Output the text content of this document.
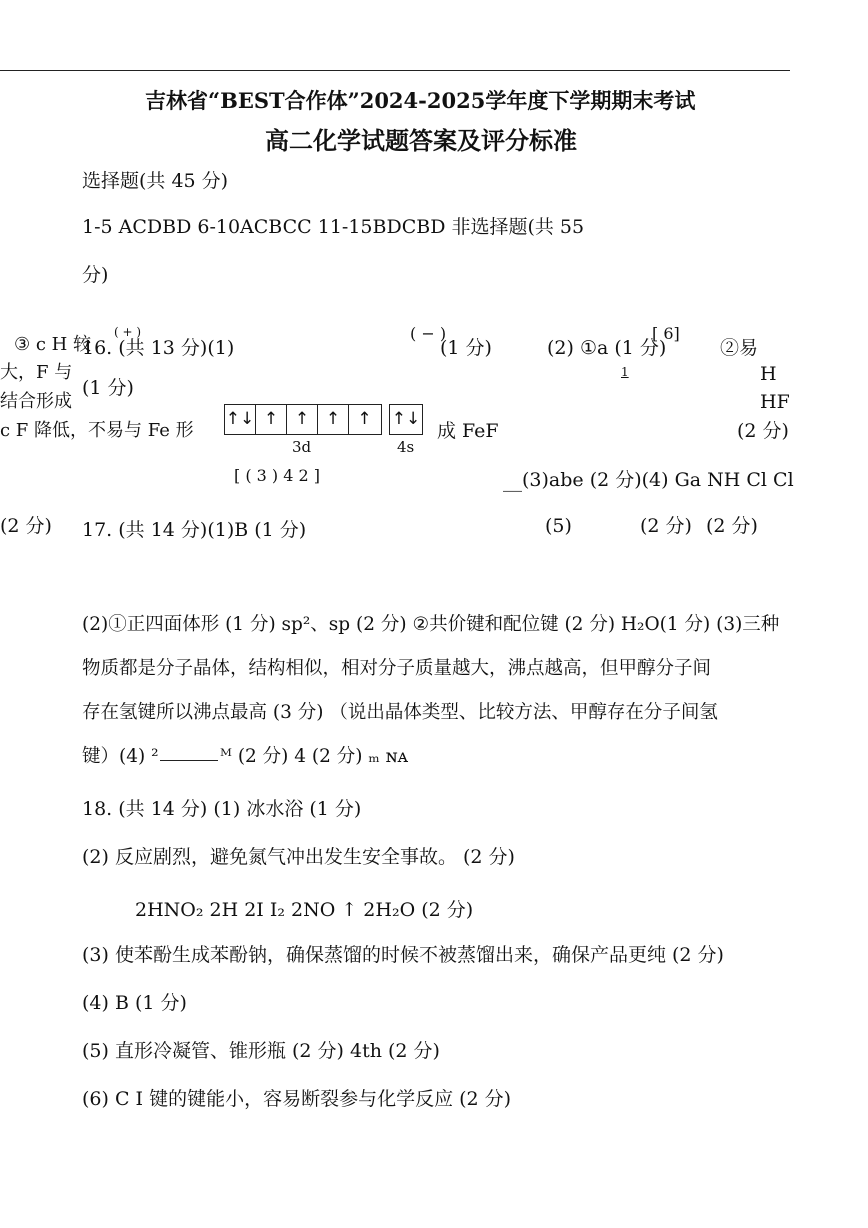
吉林省“BEST合作体”2024-2025学年度下学期期末考试
高二化学试题答案及评分标准
选择题(共 45 分)
1-5 ACDBD 6-10ACBCC 11-15BDCBD 非选择题(共 55
分)
( + )	( − )	[ 6]
③ c H 较
16. (共 13 分)(1)	(1 分)	(2) ①a (1 分)	②易
大，F 与	1	H
(1 分)
结合形成	HF
c F 降低，不易与 Fe 形
↑↓ ↑ ↑ ↑	↑	↑↓
3d	4s
成 FeF	(2 分)
[ ( 3 ) 4 2 ]	__ (3)abe (2 分)(4) Ga NH Cl Cl
(2 分) 17. (共 14 分)(1)B (1 分)	(5)	(2 分) (2 分)
(2)①正四面体形 (1 分) sp²、sp (2 分) ②共价键和配位键 (2 分) H₂O(1 分) (3)三种
物质都是分子晶体，结构相似，相对分子质量越大，沸点越高，但甲醇分子间
存在氢键所以沸点最高 (3 分) （说出晶体类型、比较方法、甲醇存在分子间氢
键）(4) ²	ᴹ (2 分) 4 (2 分) ₘ ɴᴀ
18. (共 14 分) (1) 冰水浴 (1 分)
(2) 反应剧烈，避免氮气冲出发生安全事故。 (2 分)
2HNO₂ 2H 2I I₂ 2NO ↑ 2H₂O (2 分)
(3) 使苯酚生成苯酚钠，确保蒸馏的时候不被蒸馏出来，确保产品更纯 (2 分)
(4) B (1 分)
(5) 直形冷凝管、锥形瓶 (2 分) 4th (2 分)
(6) C I 键的键能小，容易断裂参与化学反应 (2 分)
